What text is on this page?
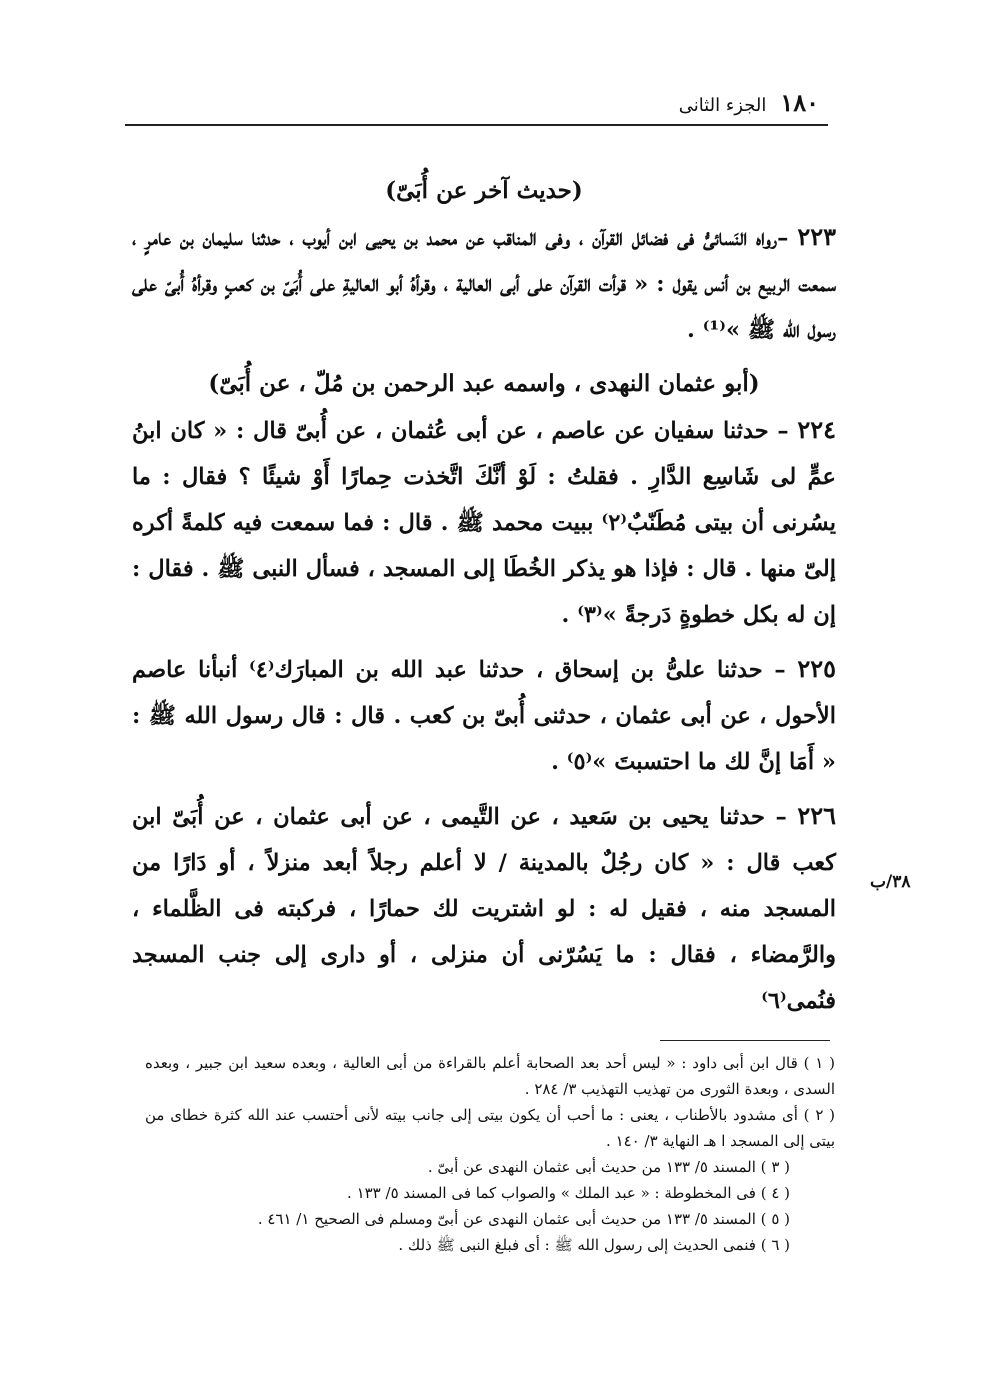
١٨٠
الجزء الثانى

(حديث آخر عن أُبَىّ)

٢٢٣ –رواه النَسائىُّ فى فضائل القرآن ، وفى المناقب عن محمد بن يحيى ابن أيوب ، حدثنا سليمان بن عامرٍ ، سمعت الربيع بن أنس يقول : « قرأت القرآن على أبى العالية ، وقرأهُ أبو العاليةِ على أُبَىّ بن كعبٍ وقرأهُ أُبىّ على رسول الله ﷺ »⁽¹⁾ .

(أبو عثمان النهدى ، واسمه عبد الرحمن بن مُلّ ، عن أُبَىّ)

٢٢٤ – حدثنا سفيان عن عاصم ، عن أبى عُثمان ، عن أُبىّ قال : « كان ابنُ عمٍّ لى شَاسِع الدَّارِ . فقلتُ : لَوْ أنَّكَ اتَّخذت حِمارًا أَوْ شيئًا ؟ فقال : ما يسُرنى أن بيتى مُطَنّبٌ⁽٢⁾ ببيت محمد ﷺ . قال : فما سمعت فيه كلمةً أكره إلىّ منها . قال : فإذا هو يذكر الخُطَا إلى المسجد ، فسأل النبى ﷺ . فقال : إن له بكل خطوةٍ دَرجةً »⁽٣⁾ .

٢٢٥ – حدثنا علىُّ بن إسحاق ، حدثنا عبد الله بن المبارَك⁽٤⁾ أنبأنا عاصم الأحول ، عن أبى عثمان ، حدثنى أُبىّ بن كعب . قال : قال رسول الله ﷺ : « أَمَا إنَّ لك ما احتسبتَ »⁽٥⁾ .

٢٢٦ – حدثنا يحيى بن سَعيد ، عن التَّيمى ، عن أبى عثمان ، عن أُبَىّ ابن كعب قال : « كان رجُلٌ بالمدينة / لا أعلم رجلاً أبعد منزلاً ، أو دَارًا من المسجد منه ، فقيل له : لو اشتريت لك حمارًا ، فركبته فى الظَّلماء ، والرَّمضاء ، فقال : ما يَسُرّنى أن منزلى ، أو دارى إلى جنب المسجد فنُمى⁽٦⁾

٣٨/ب

( ١ ) قال ابن أبى داود : « ليس أحد بعد الصحابة أعلم بالقراءة من أبى العالية ، وبعده سعيد ابن جبير ، وبعده السدى ، وبعدة الثورى من تهذيب التهذيب ٣/ ٢٨٤ .

( ٢ ) أى مشدود بالأطناب ، يعنى : ما أحب أن يكون بيتى إلى جانب بيته لأنى أحتسب عند الله كثرة خطاى من بيتى إلى المسجد ا هـ النهاية ٣/ ١٤٠ .

( ٣ ) المسند ٥/ ١٣٣ من حديث أبى عثمان النهدى عن أبىّ .

( ٤ ) فى المخطوطة : « عبد الملك » والصواب كما فى المسند ٥/ ١٣٣ .

( ٥ ) المسند ٥/ ١٣٣ من حديث أبى عثمان النهدى عن أبىّ ومسلم فى الصحيح ١/ ٤٦١ .

( ٦ ) فنمى الحديث إلى رسول الله ﷺ : أى فبلغ النبى ﷺ ذلك .
